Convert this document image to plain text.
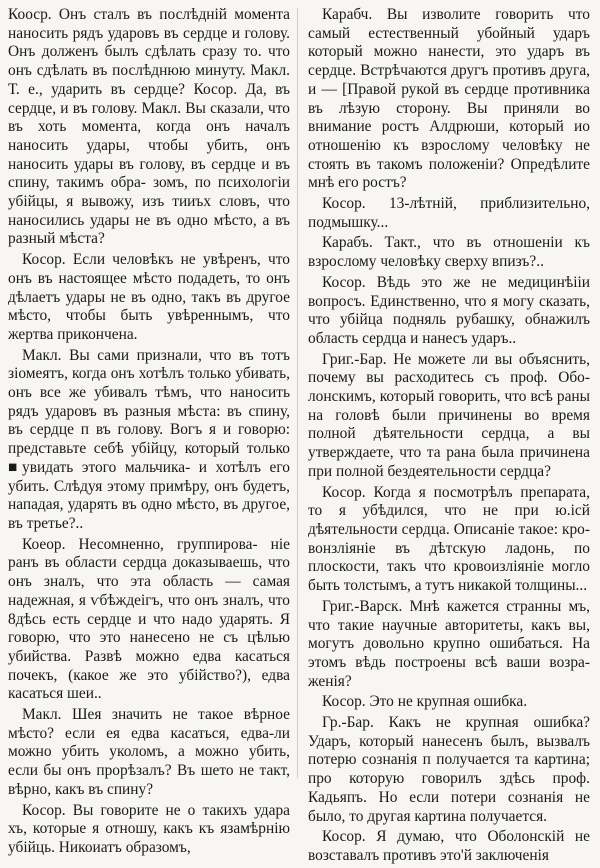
Кооср. Онъ сталъ въ послѣдній момента наносить рядъ ударовъ въ сердце и голову. Онъ долженъ былъ сдѣлать сразу то. что онъ сдѣлать въ послѣднюю минуту. Макл. Т. е., ударить въ сердце? Косор. Да, въ сердце, и въ голову. Макл. Вы сказали, что въ хоть момента, когда онъ началъ наносить удары, чтобы убить, онъ наносить удары въ голову, въ сердце и въ спину, такимъ обра- зомъ, по психологіи убійцы, я вывожу, изъ тииъх словъ, что наносились удары не въ одно мѣсто, а въ разный мѣста?

Косор. Если человѣкъ не увѣренъ, что онъ въ настоящее мѣсто подадеть, то онъ дѣлаетъ удары не въ одно, такъ въ другое мѣсто, чтобы быть увѣреннымъ, что жертва прикончена.

Макл. Вы сами признали, что въ тотъ зіомеятъ, когда онъ хотѣлъ только убивать, онъ все же убивалъ тѣмъ, что наносить рядъ ударовъ въ разныя мѣста: въ спину, въ сердце п въ голову. Вогъ я и говорю: представьте себѣ убійцу, который только ■увидать этого мальчика- и хотѣлъ его убить. Слѣдуя этому примѣру, онъ будетъ, нападая, ударять въ одно мѣсто, въ другое, въ третье?..

Коеор. Несомненно, группирова- ніе ранъ въ области сердца доказываешь, что онъ зналъ, что эта область — самая надежная, я ѵбѣждеігъ, что онъ зналъ, что 8дѣсь есть сердце и что надо ударять. Я говорю, что это нанесено не съ цѣлью убийства. Развѣ можно едва касаться почекъ, (какое же это убійство?), едва касаться шеи..

Макл. Шея значить не такое вѣрное мѣсто? если ея едва касаться, едва-ли можно убить уколомъ, а можно убить, если бы онъ прорѣзалъ? Въ шето не такт, вѣрно, какъ въ спину?

Косор. Вы говорите не о такихъ удара хъ, которые я отношу, какъ къ язамѣрнію убійць. Никоиатъ образомъ,

Карабч. Вы изволите говорить что самый естественный убойный ударъ который можно нанести, это ударъ въ сердце. Встрѣчаются другъ противъ друга, и — [Правой рукой въ сердце противника въ лѣзую сторону. Вы приняли во внимание ростъ Алдрюши, который ио отношенію къ взрослому человѣку не стоять въ такомъ положеніи? Опредѣлите мнѣ его ростъ?

Косор. 13-лѣтній, приблизительно, подмышку...

Карабъ. Такт., что въ отношеніи къ взрослому человѣку сверху впизъ?..

Косор. Вѣдь это же не медицинѣііи вопросъ. Единственно, что я могу сказать, что убійца подняль рубашку, обнажилъ область сердца и нанесъ ударъ..

Григ.-Бар. Не можете ли вы объяснить, почему вы расходитесь съ проф. Обо- лонскимъ, который говорить, что всѣ раны на головѣ были причинены во время полной дѣятельности сердца, а вы утверждаете, что та рана была причинена при полной бездеятельности сердца?

Косор. Когда я посмотрѣлъ препарата, то я убѣдился, что не при ю.ісй дѣятельности сердца. Описаніе такое: кро- вонзліяніе въ дѣтскую ладонь, по плоскости, такъ что кровоизліяніе могло быть толстымъ, а тутъ никакой толщины...

Григ.-Варск. Мнѣ кажется странны мъ, что такие научные авторитеты, какъ вы, могутъ довольно крупно ошибаться. На этомъ вѣдь построены всѣ ваши возра- женія?

Косор. Это не крупная ошибка.

Гр.-Бар. Какъ не крупная ошибка? Ударъ, который нанесенъ былъ, вызвалъ потерю сознанія п получается та картина; про которую говорилъ здѣсь проф. Кадьяпъ. Но если потери сознанія не было, то другая картина получается.

Косор. Я думаю, что Оболонскій не возставалъ противъ это'й заключенія
